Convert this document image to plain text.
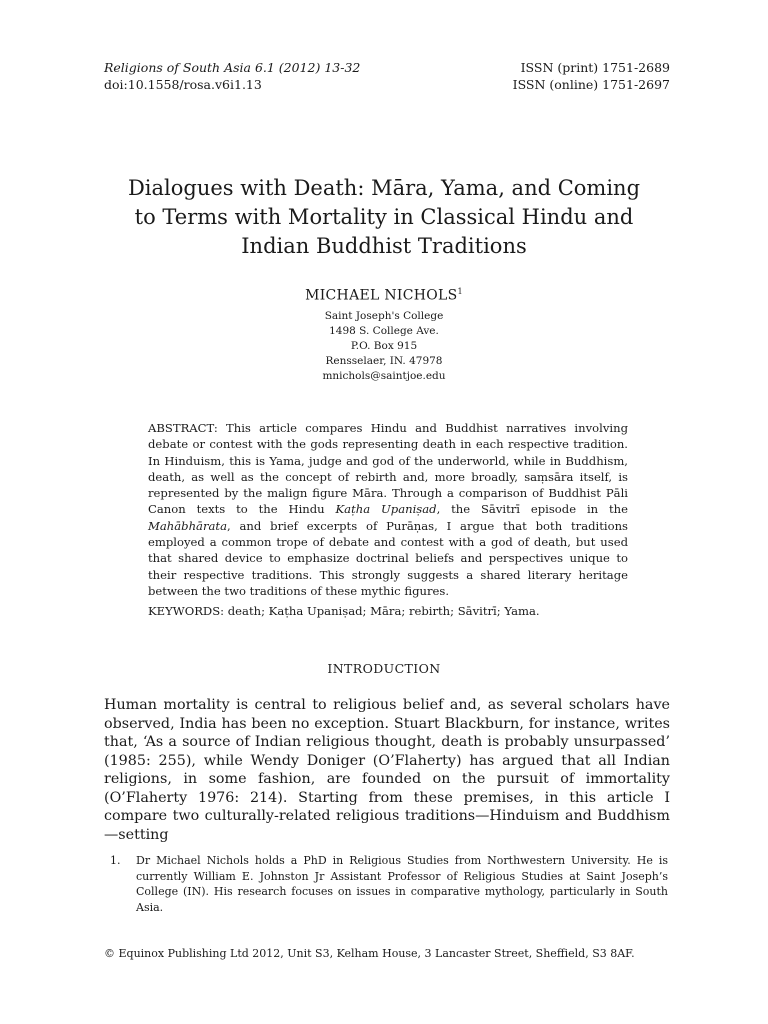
Religions of South Asia 6.1 (2012) 13-32
doi:10.1558/rosa.v6i1.13
ISSN (print) 1751-2689
ISSN (online) 1751-2697
Dialogues with Death: Māra, Yama, and Coming
to Terms with Mortality in Classical Hindu and
Indian Buddhist Traditions
MICHAEL NICHOLS$^1$
Saint Joseph's College
1498 S. College Ave.
P.O. Box 915
Rensselaer, IN. 47978
mnichols@saintjoe.edu

ABSTRACT: This article compares Hindu and Buddhist narratives involving debate or contest with the gods representing death in each respective tradition. In Hinduism, this is Yama, judge and god of the underworld, while in Buddhism, death, as well as the concept of rebirth and, more broadly, saṃsāra itself, is represented by the malign figure Māra. Through a comparison of Buddhist Pāli Canon texts to the Hindu Kaṭha Upaniṣad, the Sāvitrī episode in the Mahābhārata, and brief excerpts of Purāṇas, I argue that both traditions employed a common trope of debate and contest with a god of death, but used that shared device to emphasize doctrinal beliefs and perspectives unique to their respective traditions. This strongly suggests a shared literary heritage between the two traditions of these mythic figures.

KEYWORDS: death; Kaṭha Upaniṣad; Māra; rebirth; Sāvitrī; Yama.

INTRODUCTION

Human mortality is central to religious belief and, as several scholars have observed, India has been no exception. Stuart Blackburn, for instance, writes that, ‘As a source of Indian religious thought, death is probably unsurpassed’ (1985: 255), while Wendy Doniger (O’Flaherty) has argued that all Indian religions, in some fashion, are founded on the pursuit of immortality (O’Flaherty 1976: 214). Starting from these premises, in this article I compare two culturally-related religious traditions—Hinduism and Buddhism—setting

1. Dr Michael Nichols holds a PhD in Religious Studies from Northwestern University. He is currently William E. Johnston Jr Assistant Professor of Religious Studies at Saint Joseph’s College (IN). His research focuses on issues in comparative mythology, particularly in South Asia.
© Equinox Publishing Ltd 2012, Unit S3, Kelham House, 3 Lancaster Street, Sheffield, S3 8AF.
